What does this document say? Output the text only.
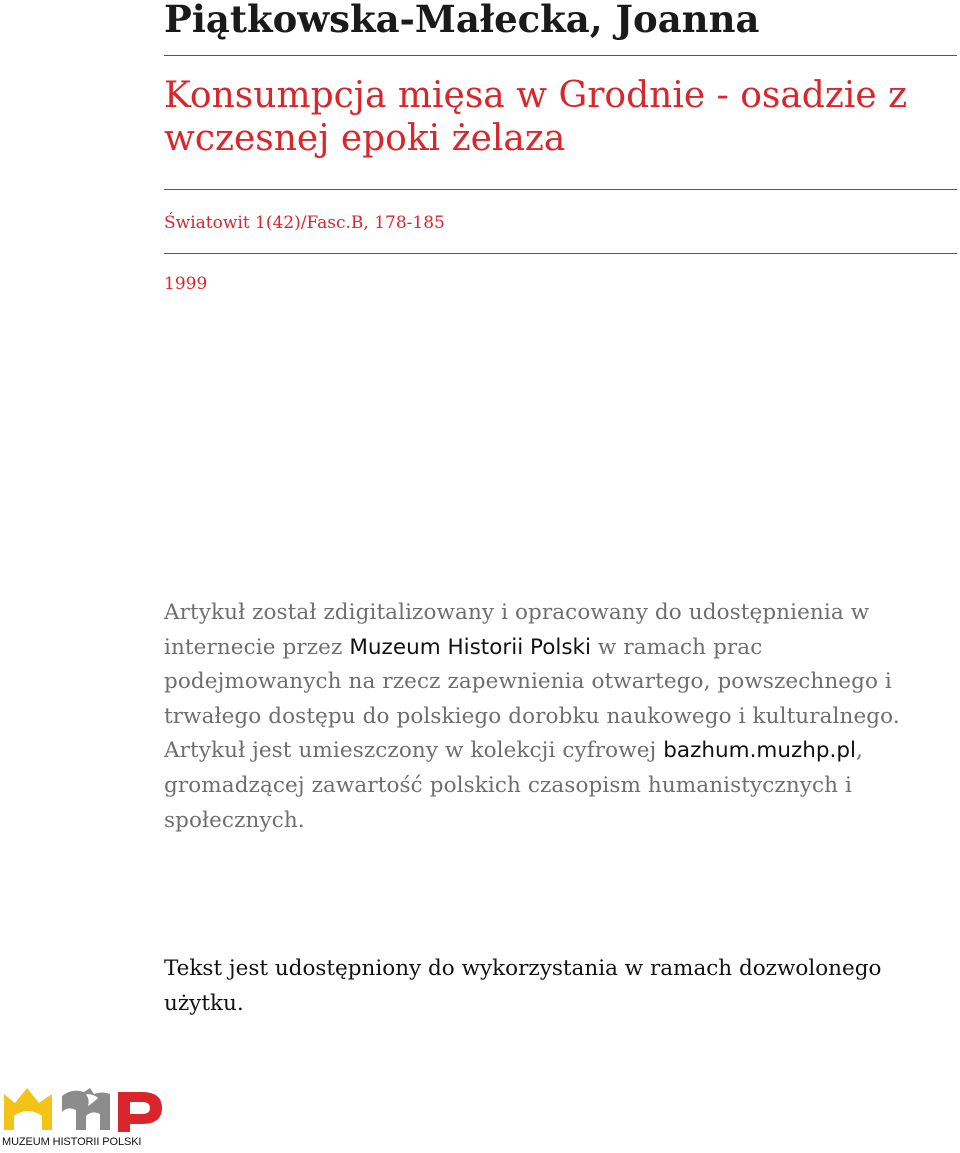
Piątkowska-Małecka, Joanna
Konsumpcja mięsa w Grodnie - osadzie z wczesnej epoki żelaza
Światowit 1(42)/Fasc.B, 178-185
1999

Artykuł został zdigitalizowany i opracowany do udostępnienia w internecie przez Muzeum Historii Polski w ramach prac podejmowanych na rzecz zapewnienia otwartego, powszechnego i trwałego dostępu do polskiego dorobku naukowego i kulturalnego. Artykuł jest umieszczony w kolekcji cyfrowej bazhum.muzhp.pl, gromadzącej zawartość polskich czasopism humanistycznych i społecznych.

Tekst jest udostępniony do wykorzystania w ramach dozwolonego użytku.

MUZEUM HISTORII POLSKI
